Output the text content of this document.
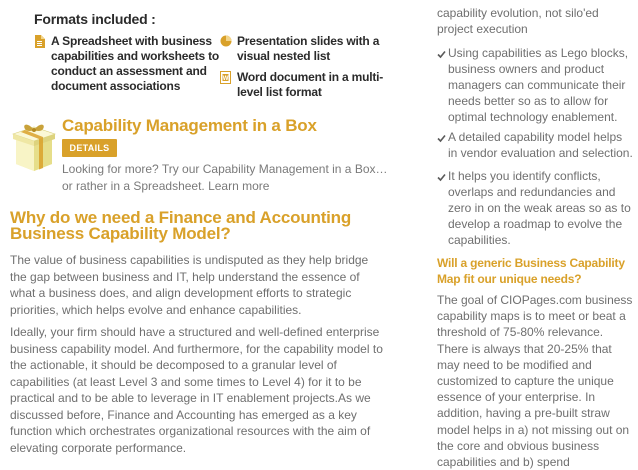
Formats included :
A Spreadsheet with business capabilities and worksheets to conduct an assessment and document associations
Presentation slides with a visual nested list
W Word document in a multi-level list format
Capability Management in a Box
DETAILS
Looking for more? Try our Capability Management in a Box…or rather in a Spreadsheet. Learn more
Why do we need a Finance and Accounting Business Capability Model?
The value of business capabilities is undisputed as they help bridge the gap between business and IT, help understand the essence of what a business does, and align development efforts to strategic priorities, which helps evolve and enhance capabilities.
Ideally, your firm should have a structured and well-defined enterprise business capability model. And furthermore, for the capability model to the actionable, it should be decomposed to a granular level of capabilities (at least Level 3 and some times to Level 4) for it to be practical and to be able to leverage in IT enablement projects.As we discussed before, Finance and Accounting has emerged as a key function which orchestrates organizational resources with the aim of elevating corporate performance.
capability evolution, not silo'ed project execution
Using capabilities as Lego blocks, business owners and product managers can communicate their needs better so as to allow for optimal technology enablement.
A detailed capability model helps in vendor evaluation and selection.
It helps you identify conflicts, overlaps and redundancies and zero in on the weak areas so as to develop a roadmap to evolve the capabilities.
Will a generic Business Capability Map fit our unique needs?
The goal of CIOPages.com business capability maps is to meet or beat a threshold of 75-80% relevance. There is always that 20-25% that may need to be modified and customized to capture the unique essence of your enterprise. In addition, having a pre-built straw model helps in a) not missing out on the core and obvious business capabilities and b) spend
